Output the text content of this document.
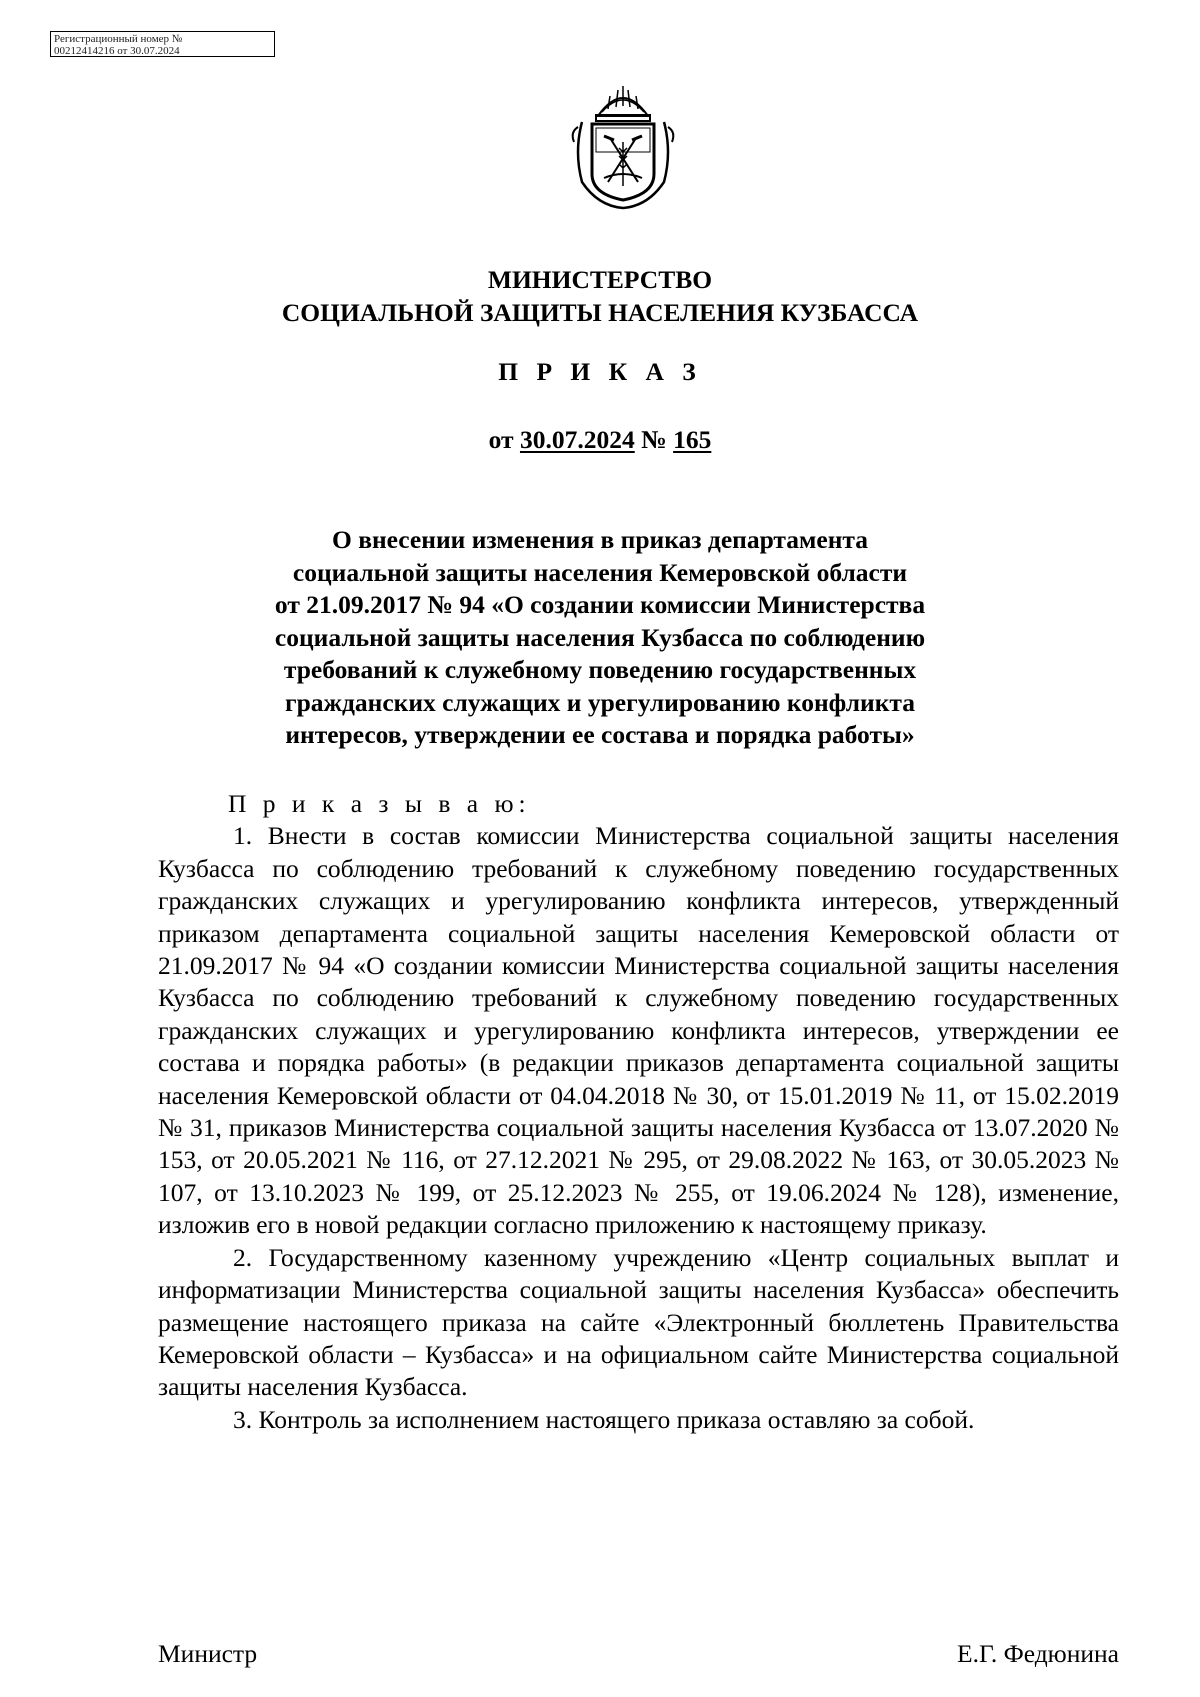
Регистрационный номер №
00212414216 от 30.07.2024
МИНИСТЕРСТВО
СОЦИАЛЬНОЙ ЗАЩИТЫ НАСЕЛЕНИЯ КУЗБАССА
П Р И К А З
от 30.07.2024 № 165
О внесении изменения в приказ департамента
социальной защиты населения Кемеровской области
от 21.09.2017 № 94 «О создании комиссии Министерства
социальной защиты населения Кузбасса по соблюдению
требований к служебному поведению государственных
гражданских служащих и урегулированию конфликта
интересов, утверждении ее состава и порядка работы»
П р и к а з ы в а ю:

1. Внести в состав комиссии Министерства социальной защиты населения Кузбасса по соблюдению требований к служебному поведению государственных гражданских служащих и урегулированию конфликта интересов, утвержденный приказом департамента социальной защиты населения Кемеровской области от 21.09.2017 № 94 «О создании комиссии Министерства социальной защиты населения Кузбасса по соблюдению требований к служебному поведению государственных гражданских служащих и урегулированию конфликта интересов, утверждении ее состава и порядка работы» (в редакции приказов департамента социальной защиты населения Кемеровской области от 04.04.2018 № 30, от 15.01.2019 № 11, от 15.02.2019 № 31, приказов Министерства социальной защиты населения Кузбасса от 13.07.2020 № 153, от 20.05.2021 № 116, от 27.12.2021 № 295, от 29.08.2022 № 163, от 30.05.2023 № 107, от 13.10.2023 № 199, от 25.12.2023 № 255, от 19.06.2024 № 128), изменение, изложив его в новой редакции согласно приложению к настоящему приказу.

2. Государственному казенному учреждению «Центр социальных выплат и информатизации Министерства социальной защиты населения Кузбасса» обеспечить размещение настоящего приказа на сайте «Электронный бюллетень Правительства Кемеровской области – Кузбасса» и на официальном сайте Министерства социальной защиты населения Кузбасса.

3. Контроль за исполнением настоящего приказа оставляю за собой.

Министр	Е.Г. Федюнина
